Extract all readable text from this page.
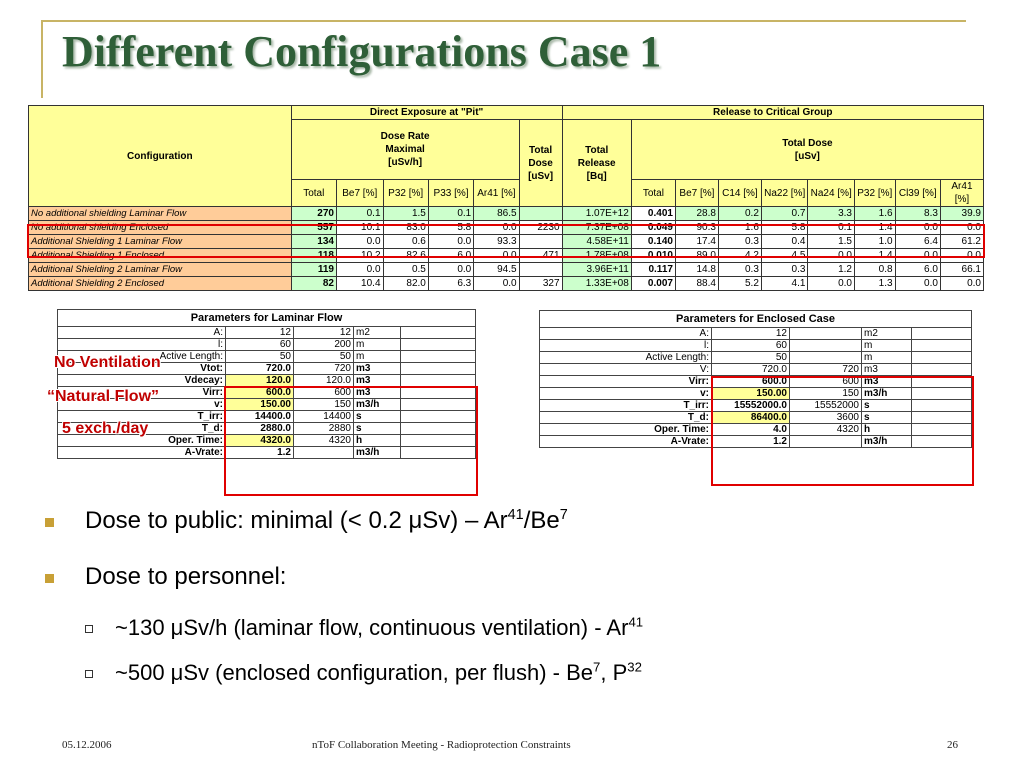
Different Configurations Case 1
Configuration	Direct Exposure at "Pit"						Release to Critical Group								
	Dose Rate
Maximal
[uSv/h]					Total
Dose
[uSv]	Total
Release
[Bq]	Total Dose
[uSv]							
	Total	Be7 [%]	P32 [%]	P33 [%]	Ar41 [%]			Total	Be7 [%]	C14 [%]	Na22 [%]	Na24 [%]	P32 [%]	Cl39 [%]	Ar41 [%]
No additional shielding Laminar Flow	270	0.1	1.5	0.1	86.5		1.07E+12	0.401	28.8	0.2	0.7	3.3	1.6	8.3	39.9
No additional shielding Enclosed	557	10.1	83.0	5.8	0.0	2230	7.37E+08	0.049	90.3	1.6	5.8	0.1	1.4	0.0	0.0
Additional Shielding 1 Laminar Flow	134	0.0	0.6	0.0	93.3		4.58E+11	0.140	17.4	0.3	0.4	1.5	1.0	6.4	61.2
Additional Shielding 1 Enclosed	118	10.2	82.6	6.0	0.0	471	1.78E+08	0.010	89.0	4.2	4.5	0.0	1.4	0.0	0.0
Additional Shielding 2 Laminar Flow	119	0.0	0.5	0.0	94.5		3.96E+11	0.117	14.8	0.3	0.3	1.2	0.8	6.0	66.1
Additional Shielding 2 Enclosed	82	10.4	82.0	6.3	0.0	327	1.33E+08	0.007	88.4	5.2	4.1	0.0	1.3	0.0	0.0
Parameters for Laminar Flow				
A:	12	12	m2	
l:	60	200	m	
Active Length:	50	50	m	
Vtot:	720.0	720	m3	
Vdecay:	120.0	120.0	m3	
Virr:	600.0	600	m3	
v:	150.00	150	m3/h	
T_irr:	14400.0	14400	s	
T_d:	2880.0	2880	s	
Oper. Time:	4320.0	4320	h	
A-Vrate:	1.2		m3/h	
Parameters for Enclosed Case				
A:	12		m2	
l:	60		m	
Active Length:	50		m	
V:	720.0	720	m3	
Virr:	600.0	600	m3	
v:	150.00	150	m3/h	
T_irr:	15552000.0	15552000	s	
T_d:	86400.0	3600	s	
Oper. Time:	4.0	4320	h	
A-Vrate:	1.2		m3/h	
No Ventilation
“Natural Flow”
5 exch./day
Dose to public: minimal (< 0.2 μSv) – Ar$^{41}$/Be$^7$
Dose to personnel:
~130 μSv/h (laminar flow, continuous ventilation) - Ar$^{41}$
~500 μSv (enclosed configuration, per flush) - Be$^7$, $P^{32}$
05.12.2006	nToF Collaboration Meeting - Radioprotection Constraints	26
